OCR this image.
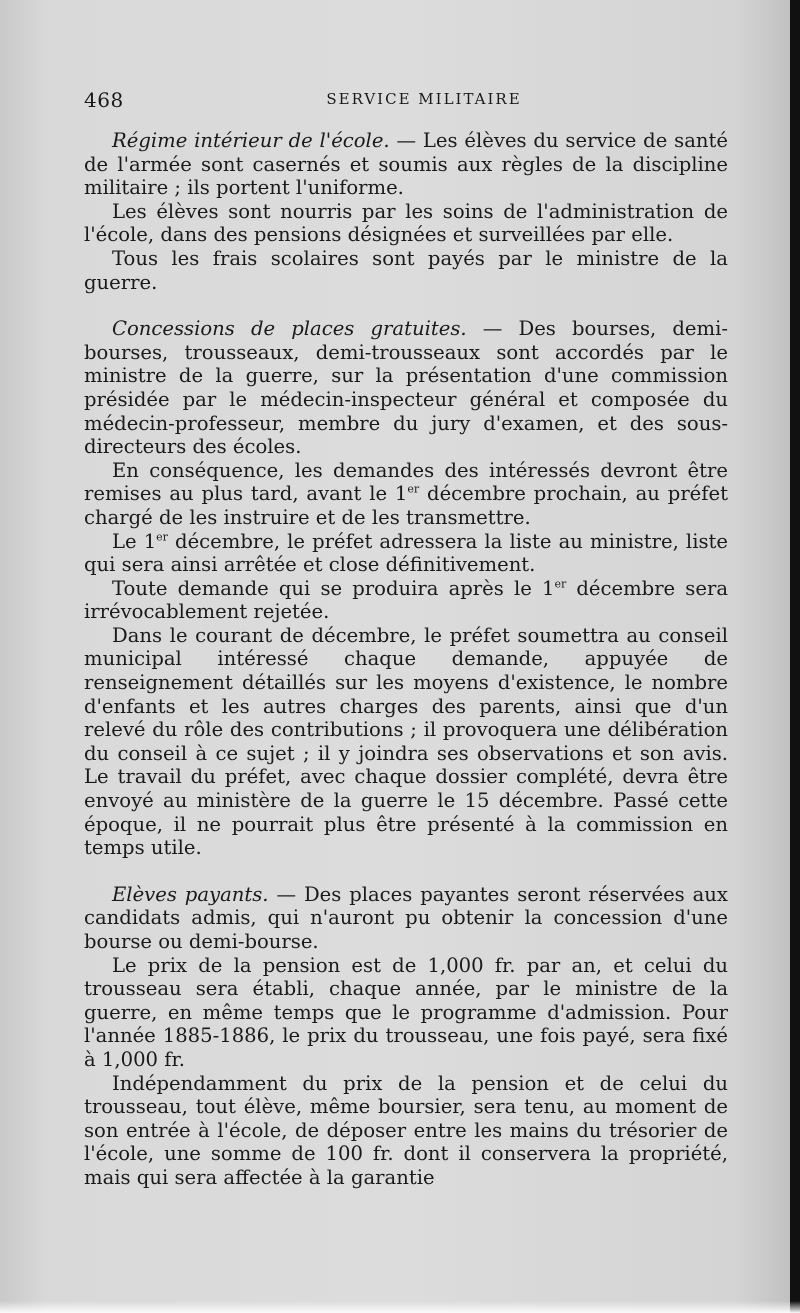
468	SERVICE MILITAIRE

Régime intérieur de l'école. — Les élèves du service de santé de l'armée sont casernés et soumis aux règles de la discipline militaire ; ils portent l'uniforme.

Les élèves sont nourris par les soins de l'administration de l'école, dans des pensions désignées et surveillées par elle.

Tous les frais scolaires sont payés par le ministre de la guerre.

Concessions de places gratuites. — Des bourses, demi-bourses, trousseaux, demi-trousseaux sont accordés par le ministre de la guerre, sur la présentation d'une commission présidée par le médecin-inspecteur général et composée du médecin-professeur, membre du jury d'examen, et des sous-directeurs des écoles.

En conséquence, les demandes des intéressés devront être remises au plus tard, avant le 1er décembre prochain, au préfet chargé de les instruire et de les transmettre.

Le 1er décembre, le préfet adressera la liste au ministre, liste qui sera ainsi arrêtée et close définitivement.

Toute demande qui se produira après le 1er décembre sera irrévocablement rejetée.

Dans le courant de décembre, le préfet soumettra au conseil municipal intéressé chaque demande, appuyée de renseignement détaillés sur les moyens d'existence, le nombre d'enfants et les autres charges des parents, ainsi que d'un relevé du rôle des contributions ; il provoquera une délibération du conseil à ce sujet ; il y joindra ses observations et son avis. Le travail du préfet, avec chaque dossier complété, devra être envoyé au ministère de la guerre le 15 décembre. Passé cette époque, il ne pourrait plus être présenté à la commission en temps utile.

Elèves payants. — Des places payantes seront réservées aux candidats admis, qui n'auront pu obtenir la concession d'une bourse ou demi-bourse.

Le prix de la pension est de 1,000 fr. par an, et celui du trousseau sera établi, chaque année, par le ministre de la guerre, en même temps que le programme d'admission. Pour l'année 1885-1886, le prix du trousseau, une fois payé, sera fixé à 1,000 fr.

Indépendamment du prix de la pension et de celui du trousseau, tout élève, même boursier, sera tenu, au moment de son entrée à l'école, de déposer entre les mains du trésorier de l'école, une somme de 100 fr. dont il conservera la propriété, mais qui sera affectée à la garantie
